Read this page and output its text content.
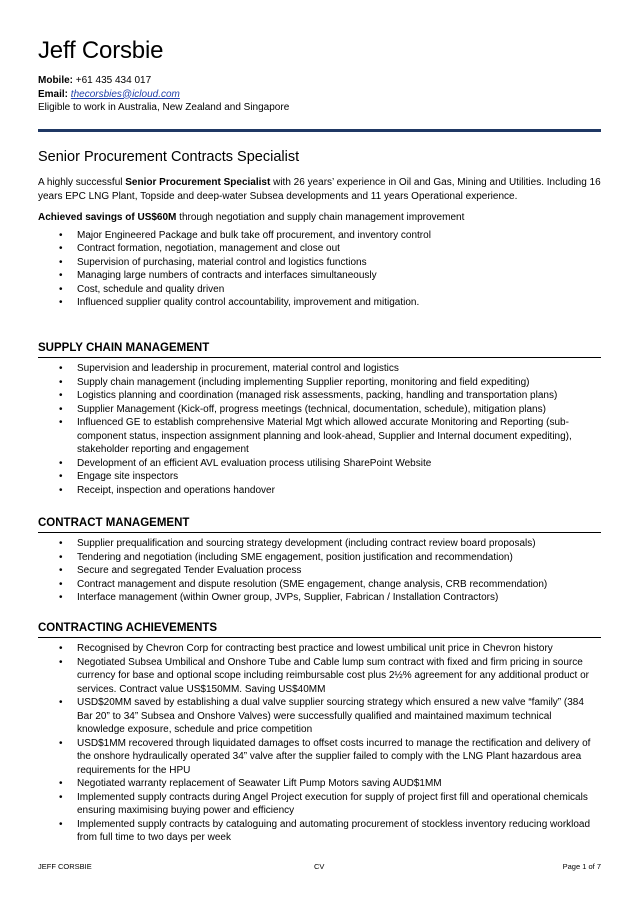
Jeff Corsbie
Mobile: +61 435 434 017
Email: thecorsbies@icloud.com
Eligible to work in Australia, New Zealand and Singapore
Senior Procurement Contracts Specialist

A highly successful Senior Procurement Specialist with 26 years’ experience in Oil and Gas, Mining and Utilities. Including 16 years EPC LNG Plant, Topside and deep-water Subsea developments and 11 years Operational experience.

Achieved savings of US$60M through negotiation and supply chain management improvement

• Major Engineered Package and bulk take off procurement, and inventory control
• Contract formation, negotiation, management and close out
• Supervision of purchasing, material control and logistics functions
• Managing large numbers of contracts and interfaces simultaneously
• Cost, schedule and quality driven
• Influenced supplier quality control accountability, improvement and mitigation.
SUPPLY CHAIN MANAGEMENT
• Supervision and leadership in procurement, material control and logistics
• Supply chain management (including implementing Supplier reporting, monitoring and field expediting)
• Logistics planning and coordination (managed risk assessments, packing, handling and transportation plans)
• Supplier Management (Kick-off, progress meetings (technical, documentation, schedule), mitigation plans)
• Influenced GE to establish comprehensive Material Mgt which allowed accurate Monitoring and Reporting (sub-component status, inspection assignment planning and look-ahead, Supplier and Internal document expediting), stakeholder reporting and engagement
• Development of an efficient AVL evaluation process utilising SharePoint Website
• Engage site inspectors
• Receipt, inspection and operations handover
CONTRACT MANAGEMENT
• Supplier prequalification and sourcing strategy development (including contract review board proposals)
• Tendering and negotiation (including SME engagement, position justification and recommendation)
• Secure and segregated Tender Evaluation process
• Contract management and dispute resolution (SME engagement, change analysis, CRB recommendation)
• Interface management (within Owner group, JVPs, Supplier, Fabrican / Installation Contractors)
CONTRACTING ACHIEVEMENTS
• Recognised by Chevron Corp for contracting best practice and lowest umbilical unit price in Chevron history
• Negotiated Subsea Umbilical and Onshore Tube and Cable lump sum contract with fixed and firm pricing in source currency for base and optional scope including reimbursable cost plus 2½% agreement for any additional product or services. Contract value US$150MM. Saving US$40MM
• USD$20MM saved by establishing a dual valve supplier sourcing strategy which ensured a new valve “family” (384 Bar 20” to 34” Subsea and Onshore Valves) were successfully qualified and maintained maximum technical knowledge exposure, schedule and price competition
• USD$1MM recovered through liquidated damages to offset costs incurred to manage the rectification and delivery of the onshore hydraulically operated 34” valve after the supplier failed to comply with the LNG Plant hazardous area requirements for the HPU
• Negotiated warranty replacement of Seawater Lift Pump Motors saving AUD$1MM
• Implemented supply contracts during Angel Project execution for supply of project first fill and operational chemicals ensuring maximising buying power and efficiency
• Implemented supply contracts by cataloguing and automating procurement of stockless inventory reducing workload from full time to two days per week
JEFF CORSBIE	CV	Page 1 of 7
